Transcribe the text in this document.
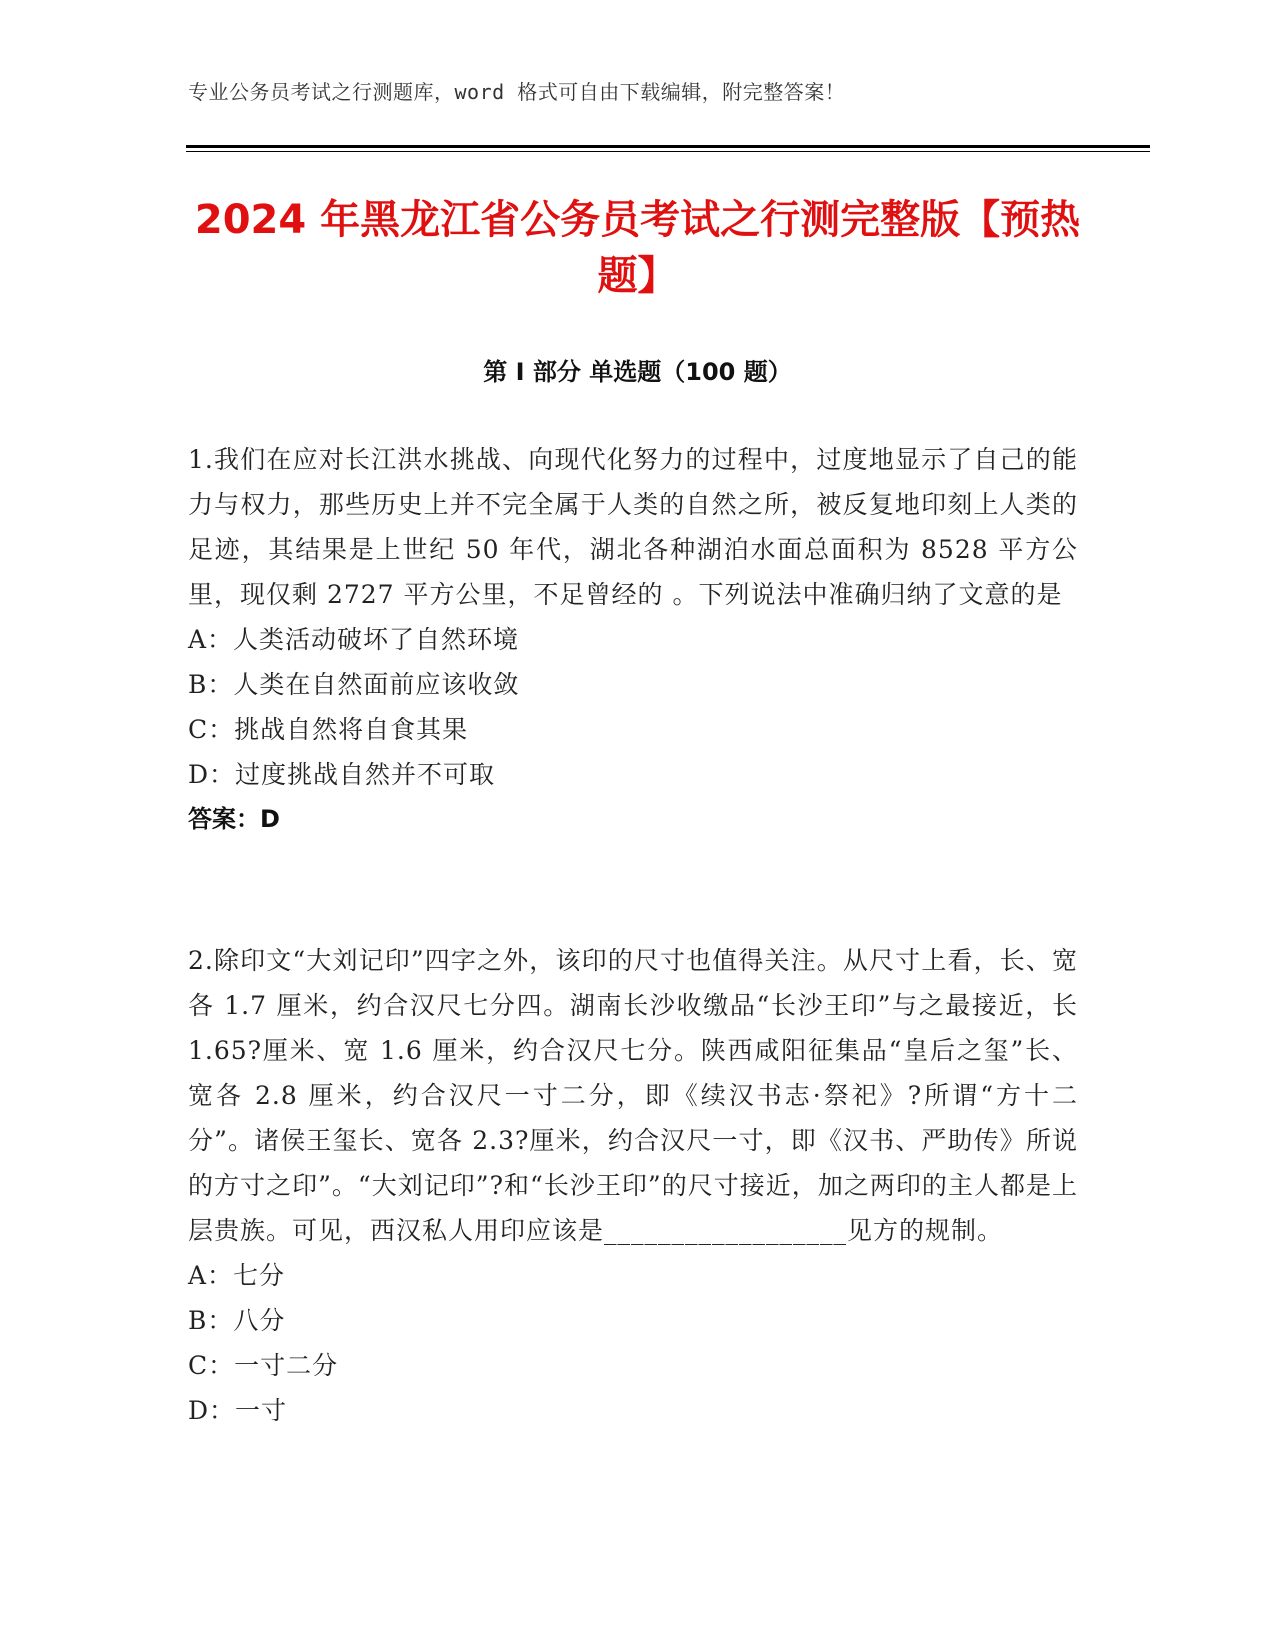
专业公务员考试之行测题库，word 格式可自由下载编辑，附完整答案！
2024 年黑龙江省公务员考试之行测完整版【预热题】
第 I 部分 单选题（100 题）

1.我们在应对长江洪水挑战、向现代化努力的过程中，过度地显示了自己的能力与权力，那些历史上并不完全属于人类的自然之所，被反复地印刻上人类的足迹，其结果是上世纪 50 年代，湖北各种湖泊水面总面积为 8528 平方公里，现仅剩 2727 平方公里，不足曾经的 。下列说法中准确归纳了文意的是

A：人类活动破坏了自然环境

B：人类在自然面前应该收敛

C：挑战自然将自食其果

D：过度挑战自然并不可取

答案：D

2.除印文“大刘记印”四字之外，该印的尺寸也值得关注。从尺寸上看，长、宽各 1.7 厘米，约合汉尺七分四。湖南长沙收缴品“长沙王印”与之最接近，长 1.65?厘米、宽 1.6 厘米，约合汉尺七分。陕西咸阳征集品“皇后之玺”长、宽各 2.8 厘米，约合汉尺一寸二分，即《续汉书志·祭祀》?所谓“方十二分”。诸侯王玺长、宽各 2.3?厘米，约合汉尺一寸，即《汉书、严助传》所说的方寸之印”。“大刘记印”?和“长沙王印”的尺寸接近，加之两印的主人都是上层贵族。可见，西汉私人用印应该是__________________见方的规制。

A：七分

B：八分

C：一寸二分

D：一寸
